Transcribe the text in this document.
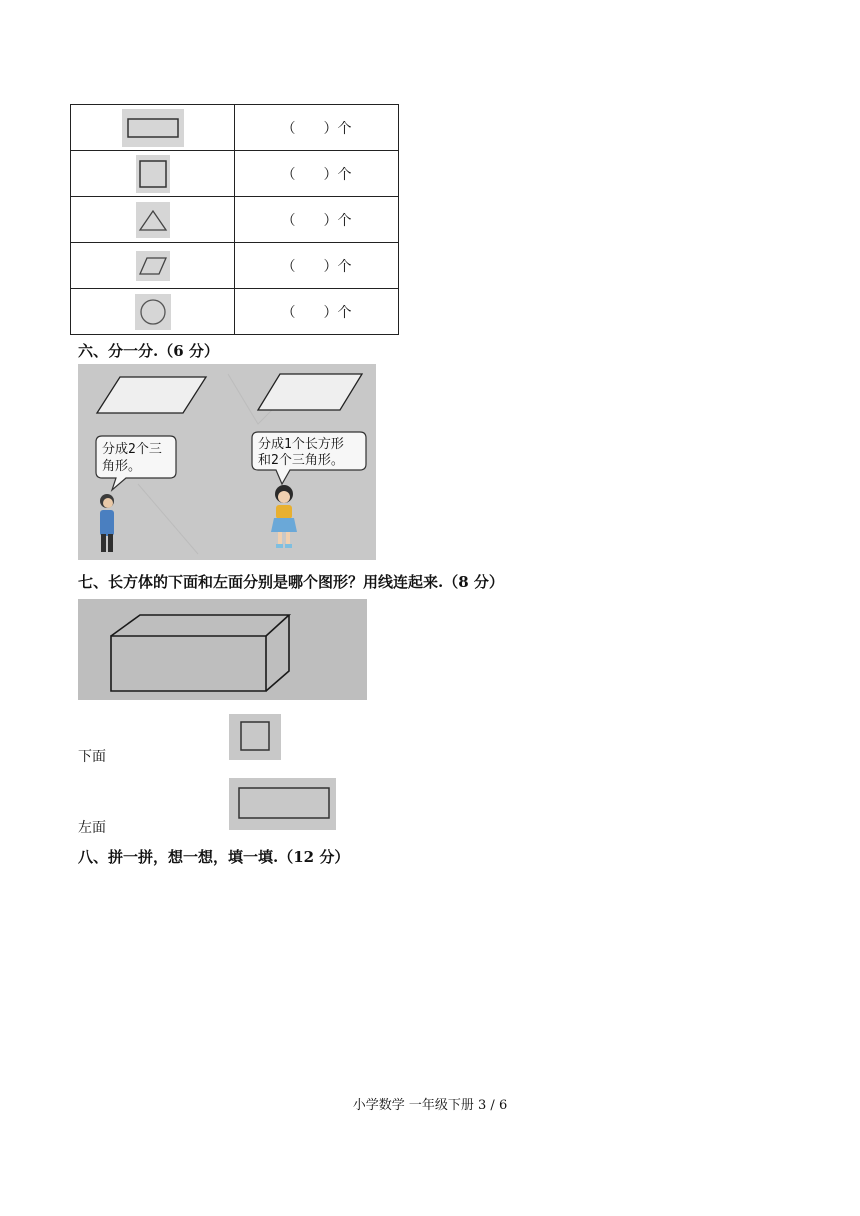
	（　　）个
	（　　）个
	（　　）个
	（　　）个
	（　　）个
六、分一分.（6 分）
分成2个三
角形。
分成1个长方形
和2个三角形。
七、长方体的下面和左面分别是哪个图形？用线连起来.（8 分）
下面
左面
八、拼一拼，想一想，填一填.（12 分）
小学数学 一年级下册 3 / 6
